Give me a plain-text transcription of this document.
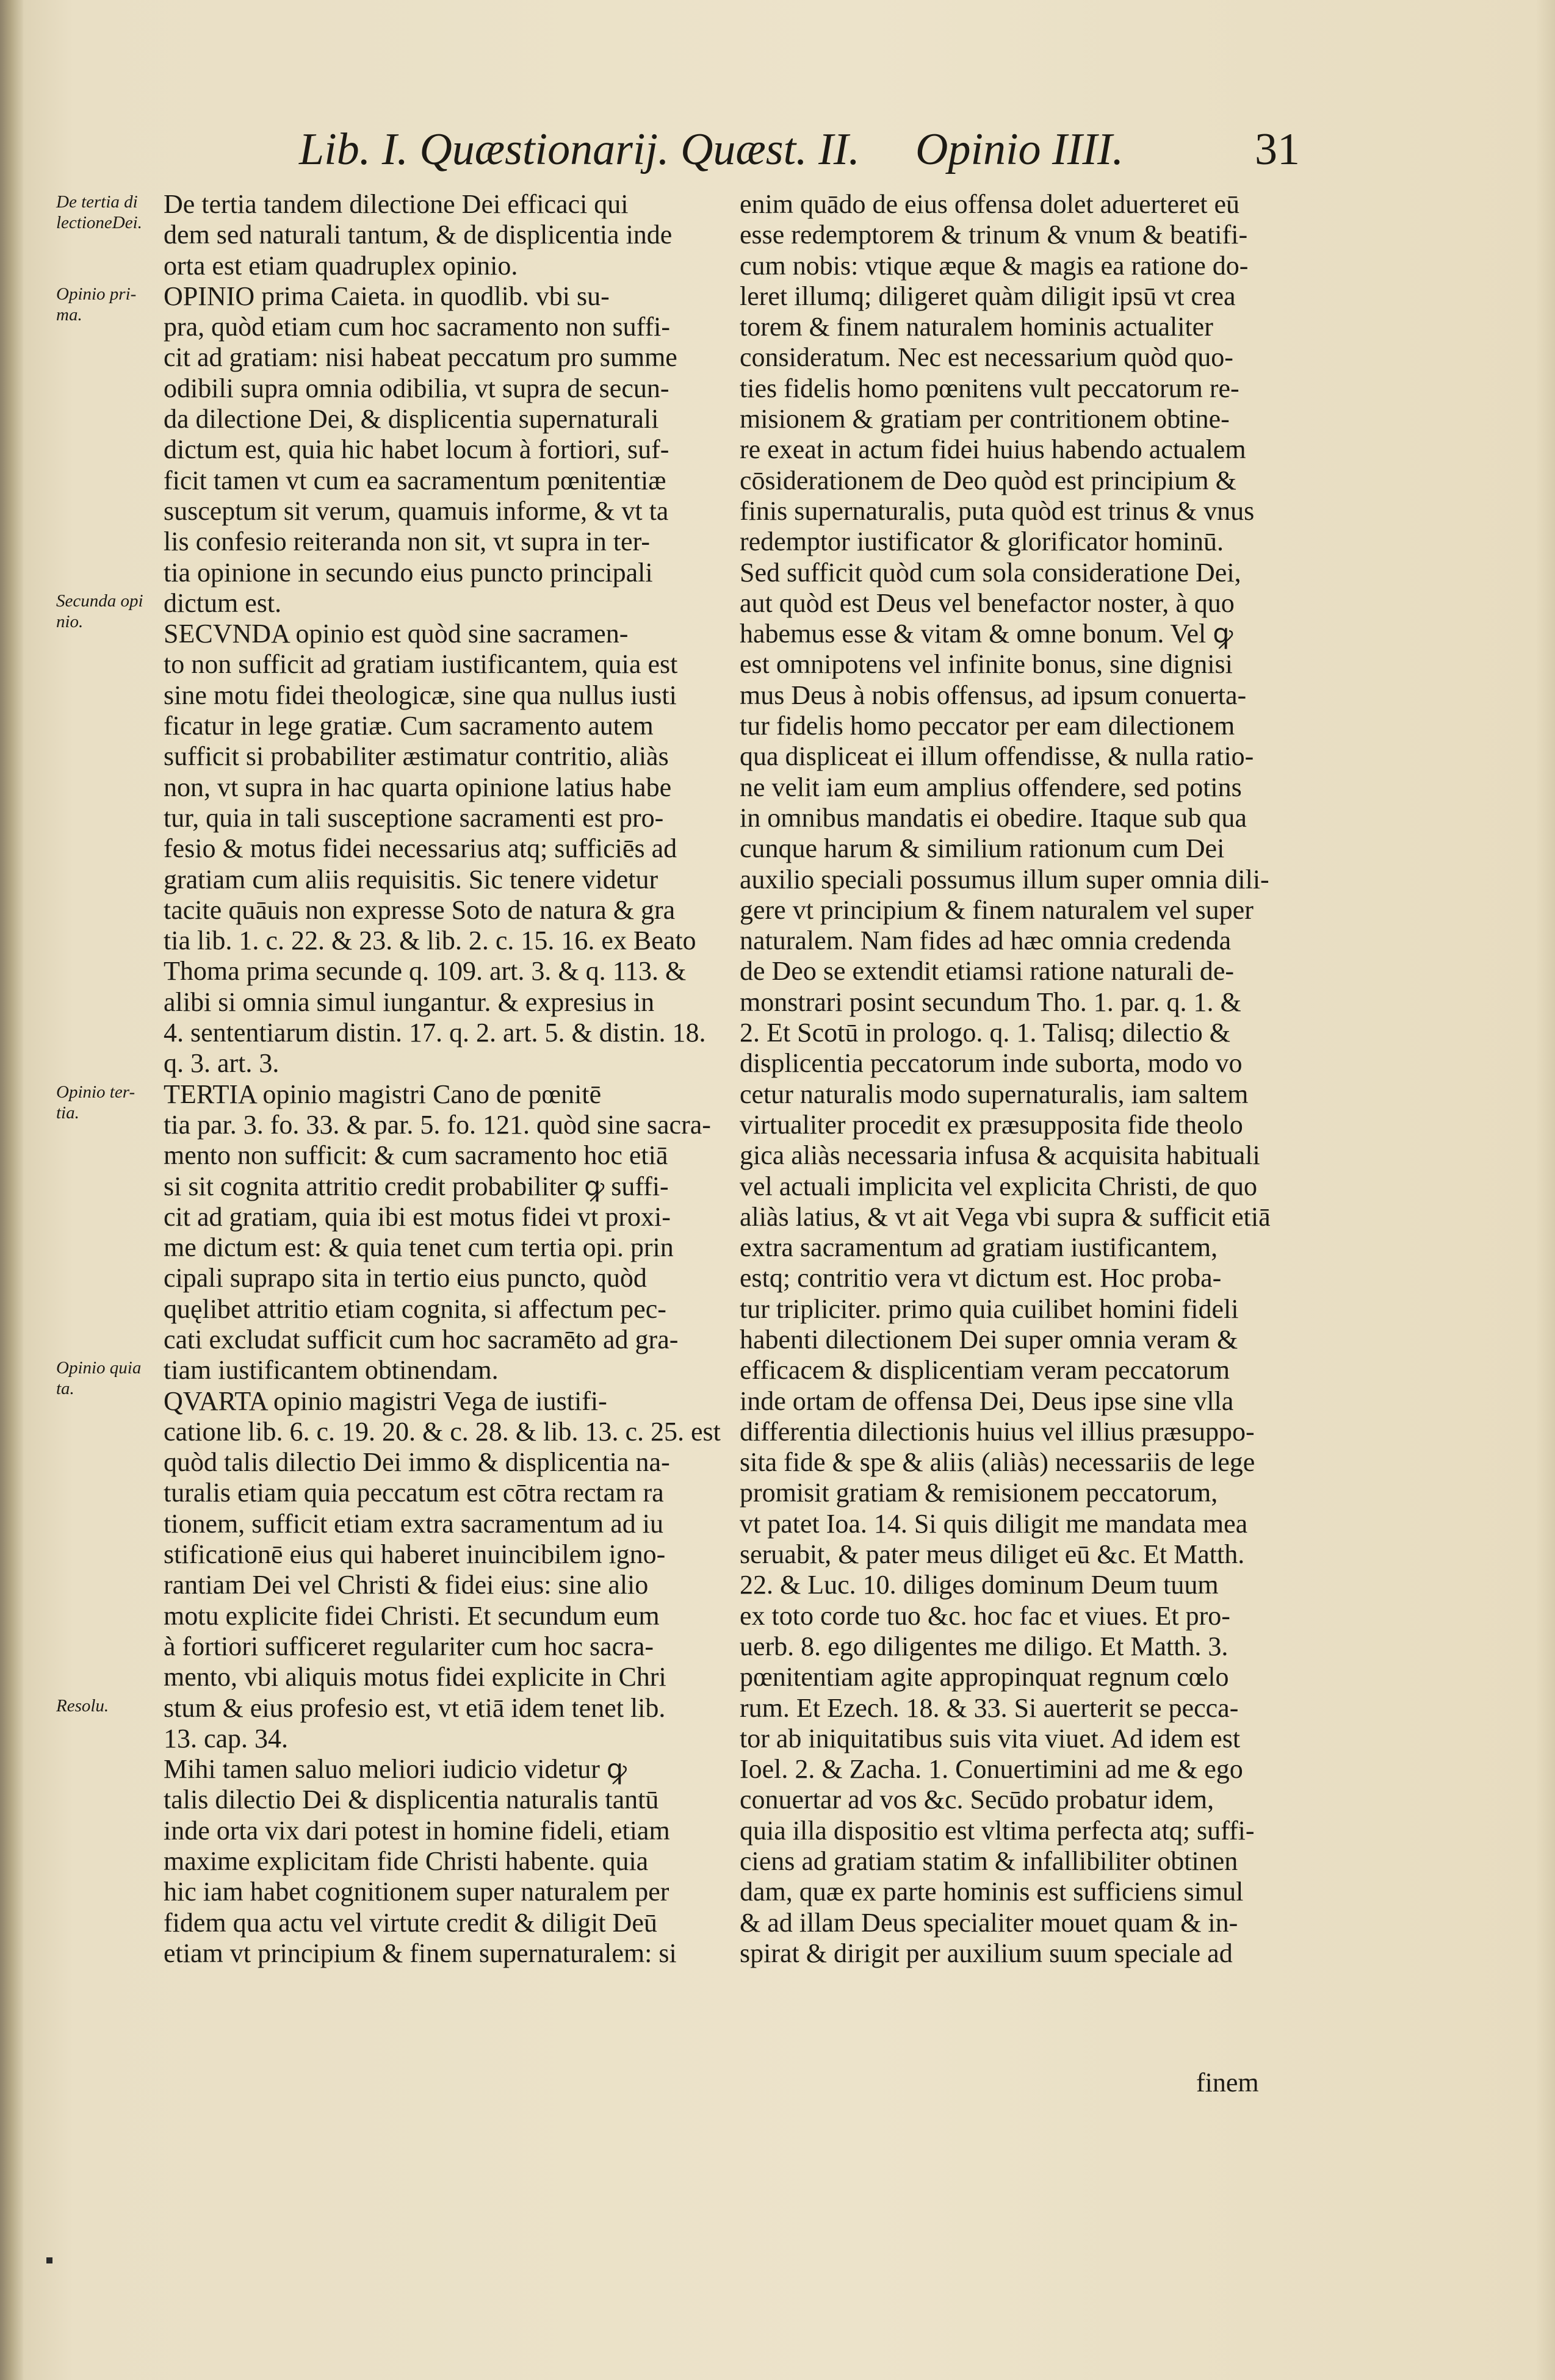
Lib. I. Quæstionarij. Quæst. II. Opinio IIII.	31
De tertia di lectioneDei.
Opinio pri- ma.
Secunda opi nio.
Opinio ter- tia.
Opinio quia ta.
Resolu.
De tertia tandem dilectione Dei efficaci qui
dem sed naturali tantum, & de displicentia inde
orta est etiam quadruplex opinio.
OPINIO prima Caieta. in quodlib. vbi su-
pra, quòd etiam cum hoc sacramento non suffi-
cit ad gratiam: nisi habeat peccatum pro summe
odibili supra omnia odibilia, vt supra de secun-
da dilectione Dei, & displicentia supernaturali
dictum est, quia hic habet locum à fortiori, suf-
ficit tamen vt cum ea sacramentum pœnitentiæ
susceptum sit verum, quamuis informe, & vt ta
lis confesio reiteranda non sit, vt supra in ter-
tia opinione in secundo eius puncto principali
dictum est.
SECVNDA opinio est quòd sine sacramen-
to non sufficit ad gratiam iustificantem, quia est
sine motu fidei theologicæ, sine qua nullus iusti
ficatur in lege gratiæ. Cum sacramento autem
sufficit si probabiliter æstimatur contritio, aliàs
non, vt supra in hac quarta opinione latius habe
tur, quia in tali susceptione sacramenti est pro-
fesio & motus fidei necessarius atq; sufficiēs ad
gratiam cum aliis requisitis. Sic tenere videtur
tacite quāuis non expresse Soto de natura & gra
tia lib. 1. c. 22. & 23. & lib. 2. c. 15. 16. ex Beato
Thoma prima secunde q. 109. art. 3. & q. 113. &
alibi si omnia simul iungantur. & expresius in
4. sententiarum distin. 17. q. 2. art. 5. & distin. 18.
q. 3. art. 3.
TERTIA opinio magistri Cano de pœnitē
tia par. 3. fo. 33. & par. 5. fo. 121. quòd sine sacra-
mento non sufficit: & cum sacramento hoc etiā
si sit cognita attritio credit probabiliter ꝙ suffi-
cit ad gratiam, quia ibi est motus fidei vt proxi-
me dictum est: & quia tenet cum tertia opi. prin
cipali suprapo sita in tertio eius puncto, quòd
quęlibet attritio etiam cognita, si affectum pec-
cati excludat sufficit cum hoc sacramēto ad gra-
tiam iustificantem obtinendam.
QVARTA opinio magistri Vega de iustifi-
catione lib. 6. c. 19. 20. & c. 28. & lib. 13. c. 25. est
quòd talis dilectio Dei immo & displicentia na-
turalis etiam quia peccatum est cōtra rectam ra
tionem, sufficit etiam extra sacramentum ad iu
stificationē eius qui haberet inuincibilem igno-
rantiam Dei vel Christi & fidei eius: sine alio
motu explicite fidei Christi. Et secundum eum
à fortiori sufficeret regulariter cum hoc sacra-
mento, vbi aliquis motus fidei explicite in Chri
stum & eius profesio est, vt etiā idem tenet lib.
13. cap. 34.
Mihi tamen saluo meliori iudicio videtur ꝙ
talis dilectio Dei & displicentia naturalis tantū
inde orta vix dari potest in homine fideli, etiam
maxime explicitam fide Christi habente. quia
hic iam habet cognitionem super naturalem per
fidem qua actu vel virtute credit & diligit Deū
etiam vt principium & finem supernaturalem: si
enim quādo de eius offensa dolet aduerteret eū
esse redemptorem & trinum & vnum & beatifi-
cum nobis: vtique æque & magis ea ratione do-
leret illumq; diligeret quàm diligit ipsū vt crea
torem & finem naturalem hominis actualiter
consideratum. Nec est necessarium quòd quo-
ties fidelis homo pœnitens vult peccatorum re-
misionem & gratiam per contritionem obtine-
re exeat in actum fidei huius habendo actualem
cōsiderationem de Deo quòd est principium &
finis supernaturalis, puta quòd est trinus & vnus
redemptor iustificator & glorificator hominū.
Sed sufficit quòd cum sola consideratione Dei,
aut quòd est Deus vel benefactor noster, à quo
habemus esse & vitam & omne bonum. Vel ꝙ
est omnipotens vel infinite bonus, sine dignisi
mus Deus à nobis offensus, ad ipsum conuerta-
tur fidelis homo peccator per eam dilectionem
qua displiceat ei illum offendisse, & nulla ratio-
ne velit iam eum amplius offendere, sed potins
in omnibus mandatis ei obedire. Itaque sub qua
cunque harum & similium rationum cum Dei
auxilio speciali possumus illum super omnia dili-
gere vt principium & finem naturalem vel super
naturalem. Nam fides ad hæc omnia credenda
de Deo se extendit etiamsi ratione naturali de-
monstrari posint secundum Tho. 1. par. q. 1. &
2. Et Scotū in prologo. q. 1. Talisq; dilectio &
displicentia peccatorum inde suborta, modo vo
cetur naturalis modo supernaturalis, iam saltem
virtualiter procedit ex præsupposita fide theolo
gica aliàs necessaria infusa & acquisita habituali
vel actuali implicita vel explicita Christi, de quo
aliàs latius, & vt ait Vega vbi supra & sufficit etiā
extra sacramentum ad gratiam iustificantem,
estq; contritio vera vt dictum est. Hoc proba-
tur tripliciter. primo quia cuilibet homini fideli
habenti dilectionem Dei super omnia veram &
efficacem & displicentiam veram peccatorum
inde ortam de offensa Dei, Deus ipse sine vlla
differentia dilectionis huius vel illius præsuppo-
sita fide & spe & aliis (aliàs) necessariis de lege
promisit gratiam & remisionem peccatorum,
vt patet Ioa. 14. Si quis diligit me mandata mea
seruabit, & pater meus diliget eū &c. Et Matth.
22. & Luc. 10. diliges dominum Deum tuum
ex toto corde tuo &c. hoc fac et viues. Et pro-
uerb. 8. ego diligentes me diligo. Et Matth. 3.
pœnitentiam agite appropinquat regnum cœlo
rum. Et Ezech. 18. & 33. Si auerterit se pecca-
tor ab iniquitatibus suis vita viuet. Ad idem est
Ioel. 2. & Zacha. 1. Conuertimini ad me & ego
conuertar ad vos &c. Secūdo probatur idem,
quia illa dispositio est vltima perfecta atq; suffi-
ciens ad gratiam statim & infallibiliter obtinen
dam, quæ ex parte hominis est sufficiens simul
& ad illam Deus specialiter mouet quam & in-
spirat & dirigit per auxilium suum speciale ad
finem
